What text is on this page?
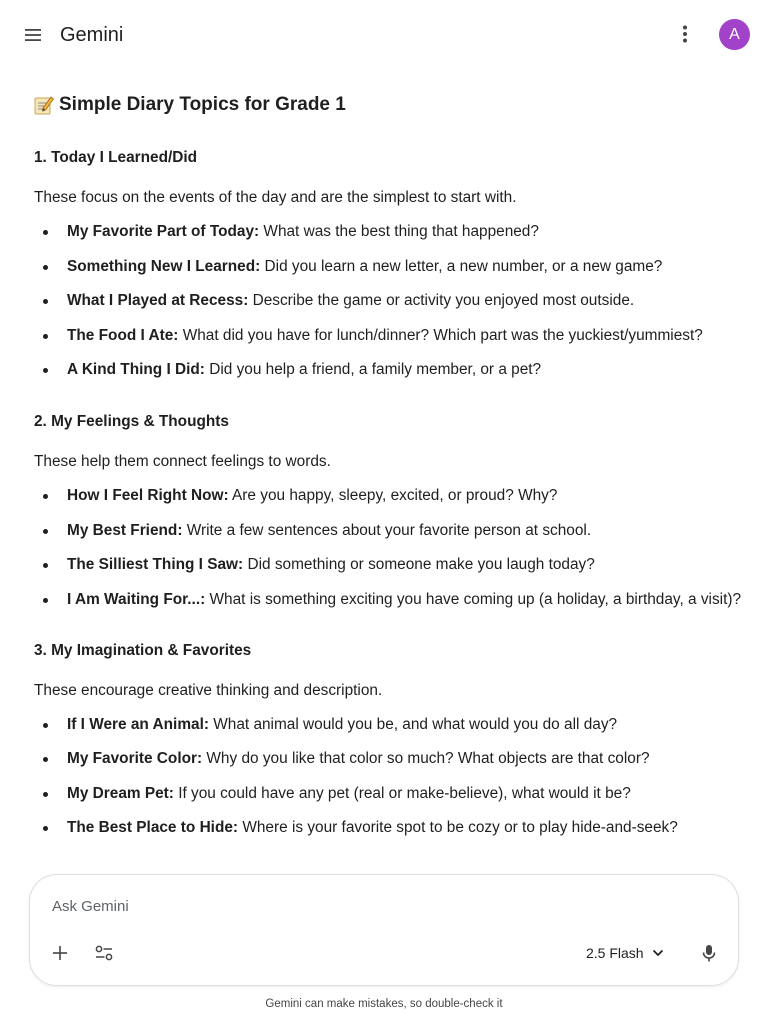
Gemini	A
Simple Diary Topics for Grade 1

1. Today I Learned/Did

These focus on the events of the day and are the simplest to start with.

My Favorite Part of Today: What was the best thing that happened?
Something New I Learned: Did you learn a new letter, a new number, or a new game?
What I Played at Recess: Describe the game or activity you enjoyed most outside.
The Food I Ate: What did you have for lunch/dinner? Which part was the yuckiest/yummiest?
A Kind Thing I Did: Did you help a friend, a family member, or a pet?

2. My Feelings & Thoughts

These help them connect feelings to words.

How I Feel Right Now: Are you happy, sleepy, excited, or proud? Why?
My Best Friend: Write a few sentences about your favorite person at school.
The Silliest Thing I Saw: Did something or someone make you laugh today?
I Am Waiting For...: What is something exciting you have coming up (a holiday, a birthday, a visit)?

3. My Imagination & Favorites

These encourage creative thinking and description.

If I Were an Animal: What animal would you be, and what would you do all day?
My Favorite Color: Why do you like that color so much? What objects are that color?
My Dream Pet: If you could have any pet (real or make-believe), what would it be?
The Best Place to Hide: Where is your favorite spot to be cozy or to play hide-and-seek?
Ask Gemini
2.5 Flash
Gemini can make mistakes, so double-check it
